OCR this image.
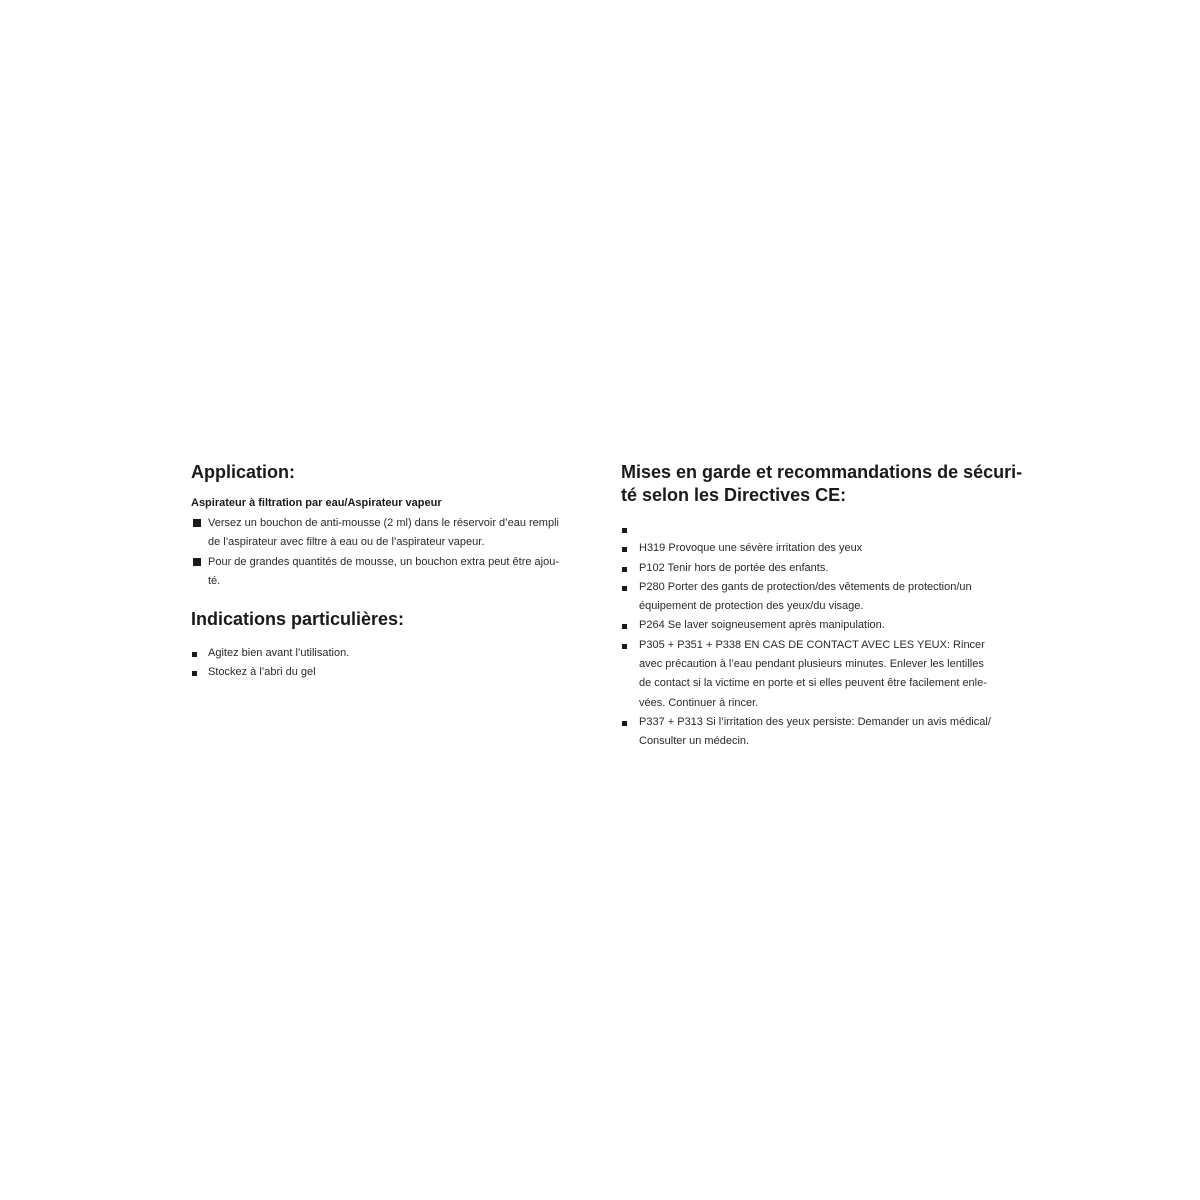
Application:
Aspirateur à filtration par eau/Aspirateur vapeur
Versez un bouchon de anti-mousse (2 ml) dans le réservoir d’eau rempli
de l’aspirateur avec filtre à eau ou de l’aspirateur vapeur.
Pour de grandes quantités de mousse, un bouchon extra peut être ajou-
té.
Indications particulières:
Agitez bien avant l’utilisation.
Stockez à l’abri du gel
Mises en garde et recommandations de sécuri-
té selon les Directives CE:

H319 Provoque une sévère irritation des yeux
P102 Tenir hors de portée des enfants.
P280 Porter des gants de protection/des vêtements de protection/un
équipement de protection des yeux/du visage.
P264 Se laver soigneusement après manipulation.
P305 + P351 + P338 EN CAS DE CONTACT AVEC LES YEUX: Rincer
avec précaution à l’eau pendant plusieurs minutes. Enlever les lentilles
de contact si la victime en porte et si elles peuvent être facilement enle-
vées. Continuer à rincer.
P337 + P313 Si l’irritation des yeux persiste: Demander un avis médical/
Consulter un médecin.
